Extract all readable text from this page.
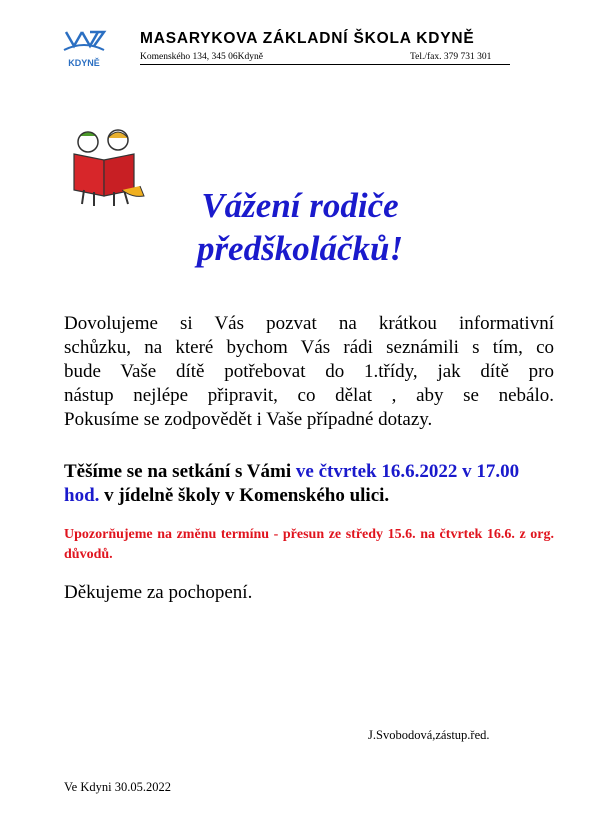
KDYNĚ
MASARYKOVA ZÁKLADNÍ ŠKOLA KDYNĚ
Komenského 134, 345 06Kdyně	Tel./fax. 379 731 301
Vážení rodiče
předškoláčků!
Dovolujeme si Vás pozvat na krátkou informativní
schůzku, na které bychom Vás rádi seznámili s tím, co
bude Vaše dítě potřebovat do 1.třídy, jak dítě pro
nástup nejlépe připravit, co dělat , aby se nebálo.
Pokusíme se zodpovědět i Vaše případné dotazy.
Těšíme se na setkání s Vámi ve čtvrtek 16.6.2022 v 17.00 hod. v jídelně školy v Komenského ulici.
Upozorňujeme na změnu termínu - přesun ze středy 15.6. na čtvrtek 16.6. z org. důvodů.
Děkujeme za pochopení.
J.Svobodová,zástup.řed.
Ve Kdyni 30.05.2022
